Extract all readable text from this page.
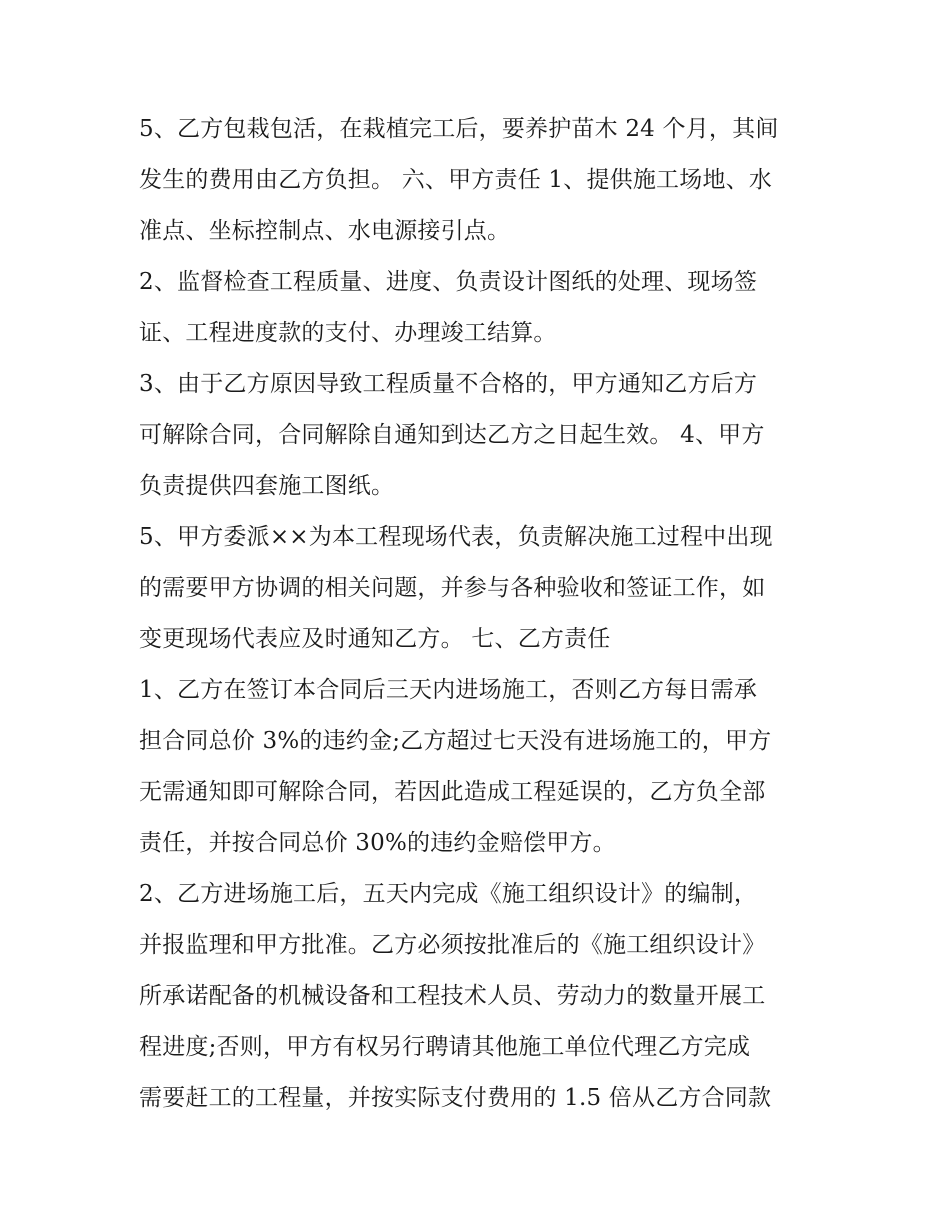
5、乙方包栽包活，在栽植完工后，要养护苗木 24 个月，其间
发生的费用由乙方负担。 六、甲方责任 1、提供施工场地、水
准点、坐标控制点、水电源接引点。
2、监督检查工程质量、进度、负责设计图纸的处理、现场签
证、工程进度款的支付、办理竣工结算。
3、由于乙方原因导致工程质量不合格的，甲方通知乙方后方
可解除合同，合同解除自通知到达乙方之日起生效。 4、甲方
负责提供四套施工图纸。
5、甲方委派××为本工程现场代表，负责解决施工过程中出现
的需要甲方协调的相关问题，并参与各种验收和签证工作，如
变更现场代表应及时通知乙方。 七、乙方责任
1、乙方在签订本合同后三天内进场施工，否则乙方每日需承
担合同总价 3%的违约金;乙方超过七天没有进场施工的，甲方
无需通知即可解除合同，若因此造成工程延误的，乙方负全部
责任，并按合同总价 30%的违约金赔偿甲方。
2、乙方进场施工后，五天内完成《施工组织设计》的编制，
并报监理和甲方批准。乙方必须按批准后的《施工组织设计》
所承诺配备的机械设备和工程技术人员、劳动力的数量开展工
程进度;否则，甲方有权另行聘请其他施工单位代理乙方完成
需要赶工的工程量，并按实际支付费用的 1.5 倍从乙方合同款
